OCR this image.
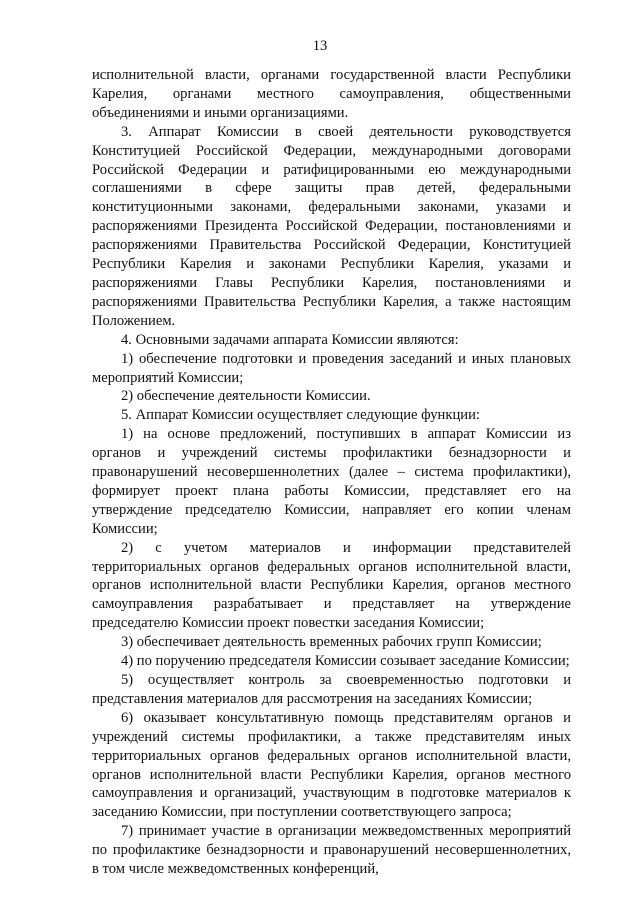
13

исполнительной власти, органами государственной власти Республики Карелия, органами местного самоуправления, общественными объединениями и иными организациями.

3. Аппарат Комиссии в своей деятельности руководствуется Конституцией Российской Федерации, международными договорами Российской Федерации и ратифицированными ею международными соглашениями в сфере защиты прав детей, федеральными конституционными законами, федеральными законами, указами и распоряжениями Президента Российской Федерации, постановлениями и распоряжениями Правительства Российской Федерации, Конституцией Республики Карелия и законами Республики Карелия, указами и распоряжениями Главы Республики Карелия, постановлениями и распоряжениями Правительства Республики Карелия, а также настоящим Положением.

4. Основными задачами аппарата Комиссии являются:

1) обеспечение подготовки и проведения заседаний и иных плановых мероприятий Комиссии;

2) обеспечение деятельности Комиссии.

5. Аппарат Комиссии осуществляет следующие функции:

1) на основе предложений, поступивших в аппарат Комиссии из органов и учреждений системы профилактики безнадзорности и правонарушений несовершеннолетних (далее – система профилактики), формирует проект плана работы Комиссии, представляет его на утверждение председателю Комиссии, направляет его копии членам Комиссии;

2) с учетом материалов и информации представителей территориальных органов федеральных органов исполнительной власти, органов исполнительной власти Республики Карелия, органов местного самоуправления разрабатывает и представляет на утверждение председателю Комиссии проект повестки заседания Комиссии;

3) обеспечивает деятельность временных рабочих групп Комиссии;

4) по поручению председателя Комиссии созывает заседание Комиссии;

5) осуществляет контроль за своевременностью подготовки и представления материалов для рассмотрения на заседаниях Комиссии;

6) оказывает консультативную помощь представителям органов и учреждений системы профилактики, а также представителям иных территориальных органов федеральных органов исполнительной власти, органов исполнительной власти Республики Карелия, органов местного самоуправления и организаций, участвующим в подготовке материалов к заседанию Комиссии, при поступлении соответствующего запроса;

7) принимает участие в организации межведомственных мероприятий по профилактике безнадзорности и правонарушений несовершеннолетних, в том числе межведомственных конференций,
